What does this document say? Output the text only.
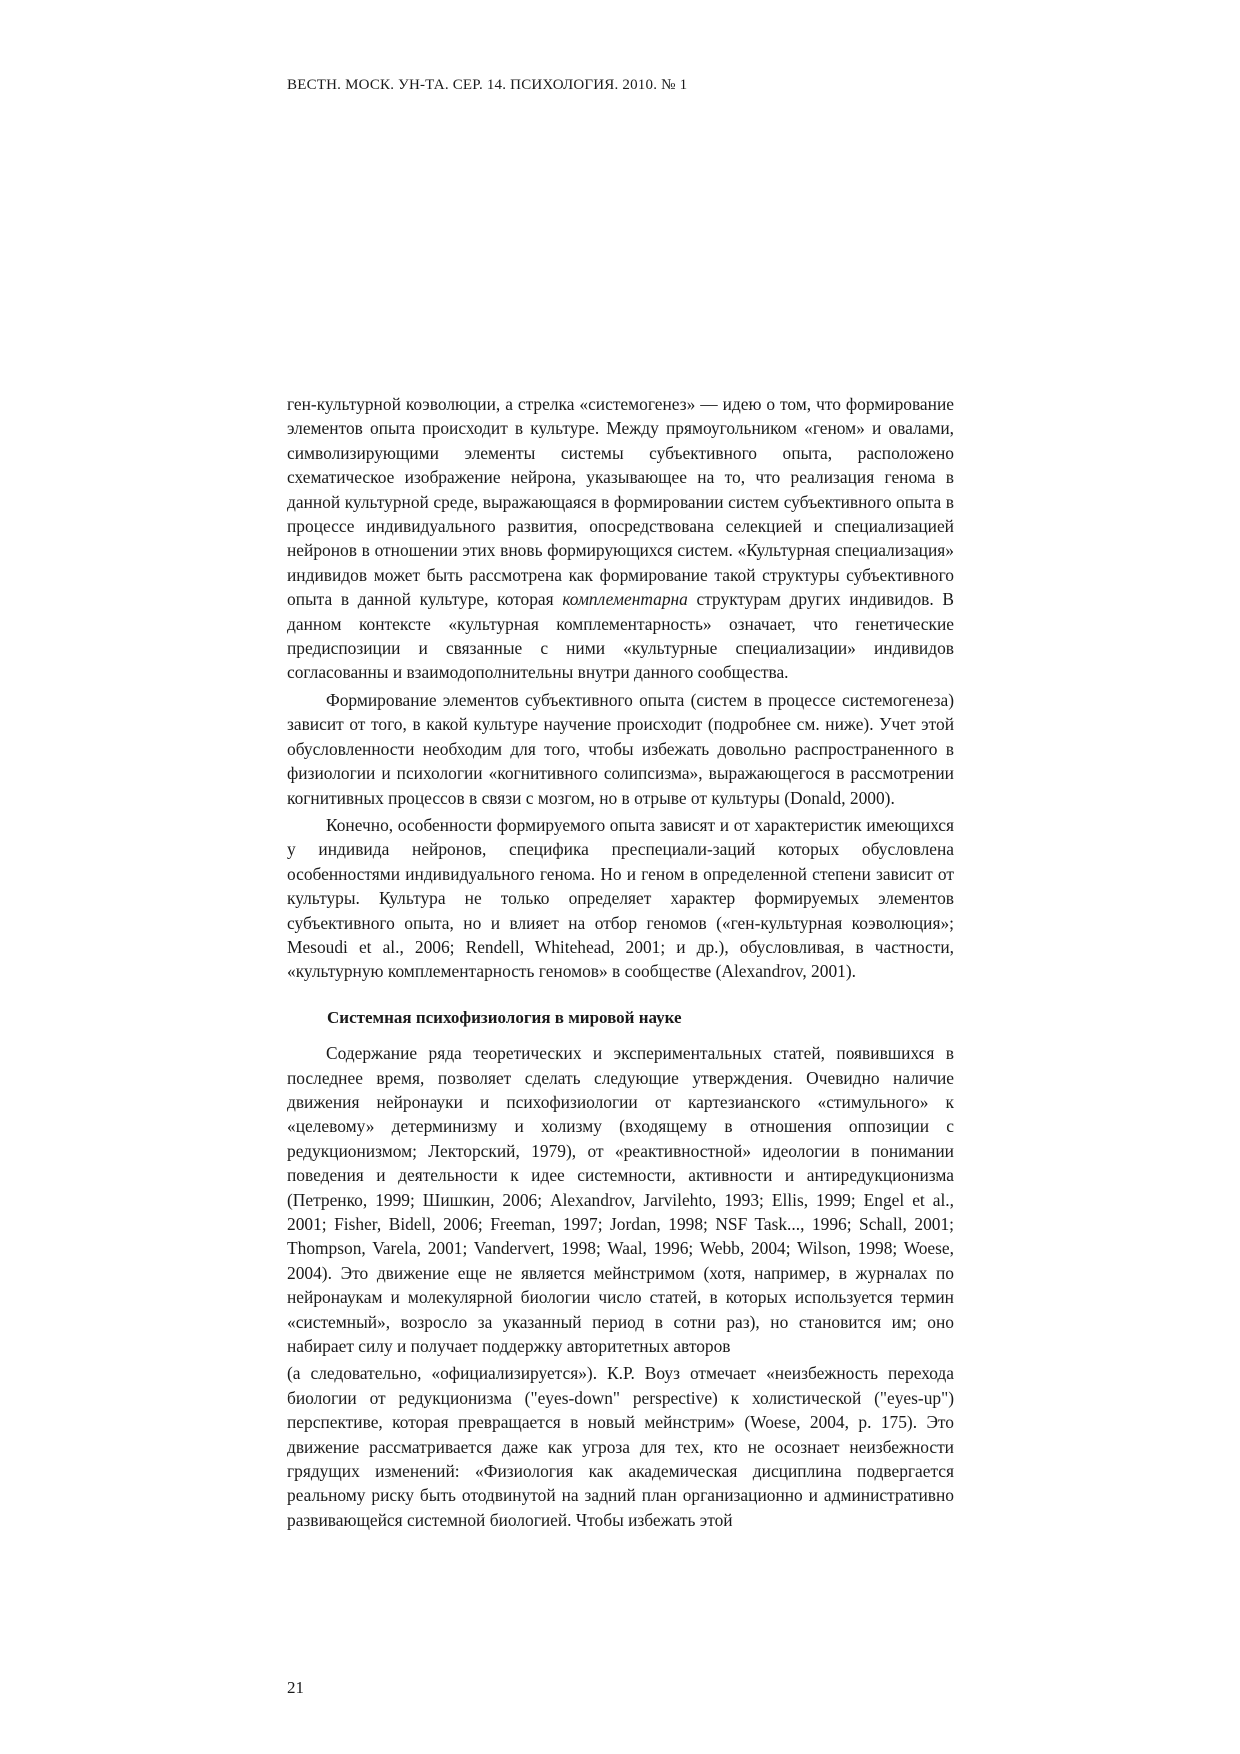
ВЕСТН. МОСК. УН-ТА. СЕР. 14. ПСИХОЛОГИЯ. 2010. № 1

ген-культурной коэволюции, а стрелка «системогенез» — идею о том, что формирование элементов опыта происходит в культуре. Между прямоугольником «геном» и овалами, символизирующими элементы системы субъективного опыта, расположено схематическое изображение нейрона, указывающее на то, что реализация генома в данной культурной среде, выражающаяся в формировании систем субъективного опыта в процессе индивидуального развития, опосредствована селекцией и специализацией нейронов в отношении этих вновь формирующихся систем. «Культурная специализация» индивидов может быть рассмотрена как формирование такой структуры субъективного опыта в данной культуре, которая комплементарна структурам других индивидов. В данном контексте «культурная комплементарность» означает, что генетические предиспозиции и связанные с ними «культурные специализации» индивидов согласованны и взаимодополнительны внутри данного сообщества.

Формирование элементов субъективного опыта (систем в процессе системогенеза) зависит от того, в какой культуре научение происходит (подробнее см. ниже). Учет этой обусловленности необходим для того, чтобы избежать довольно распространенного в физиологии и психологии «когнитивного солипсизма», выражающегося в рассмотрении когнитивных процессов в связи с мозгом, но в отрыве от культуры (Donald, 2000).

Конечно, особенности формируемого опыта зависят и от характеристик имеющихся у индивида нейронов, специфика преспециали-заций которых обусловлена особенностями индивидуального генома. Но и геном в определенной степени зависит от культуры. Культура не только определяет характер формируемых элементов субъективного опыта, но и влияет на отбор геномов («ген-культурная коэволюция»; Mesoudi et al., 2006; Rendell, Whitehead, 2001; и др.), обусловливая, в частности, «культурную комплементарность геномов» в сообществе (Alexandrov, 2001).

Системная психофизиология в мировой науке

Содержание ряда теоретических и экспериментальных статей, появившихся в последнее время, позволяет сделать следующие утверждения. Очевидно наличие движения нейронауки и психофизиологии от картезианского «стимульного» к «целевому» детерминизму и холизму (входящему в отношения оппозиции с редукционизмом; Лекторский, 1979), от «реактивностной» идеологии в понимании поведения и деятельности к идее системности, активности и антиредукционизма (Петренко, 1999; Шишкин, 2006; Alexandrov, Jarvilehto, 1993; Ellis, 1999; Engel et al., 2001; Fisher, Bidell, 2006; Freeman, 1997; Jordan, 1998; NSF Task..., 1996; Schall, 2001; Thompson, Varela, 2001; Vandervert, 1998; Waal, 1996; Webb, 2004; Wilson, 1998; Woese, 2004). Это движение еще не является мейнстримом (хотя, например, в журналах по нейронаукам и молекулярной биологии число статей, в которых используется термин «системный», возросло за указанный период в сотни раз), но становится им; оно набирает силу и получает поддержку авторитетных авторов

(а следовательно, «официализируется»). К.Р. Воуз отмечает «неизбежность перехода биологии от редукционизма ("eyes-down" perspective) к холистической ("eyes-up") перспективе, которая превращается в новый мейнстрим» (Woese, 2004, p. 175). Это движение рассматривается даже как угроза для тех, кто не осознает неизбежности грядущих изменений: «Физиология как академическая дисциплина подвергается реальному риску быть отодвинутой на задний план организационно и административно развивающейся системной биологией. Чтобы избежать этой

21
